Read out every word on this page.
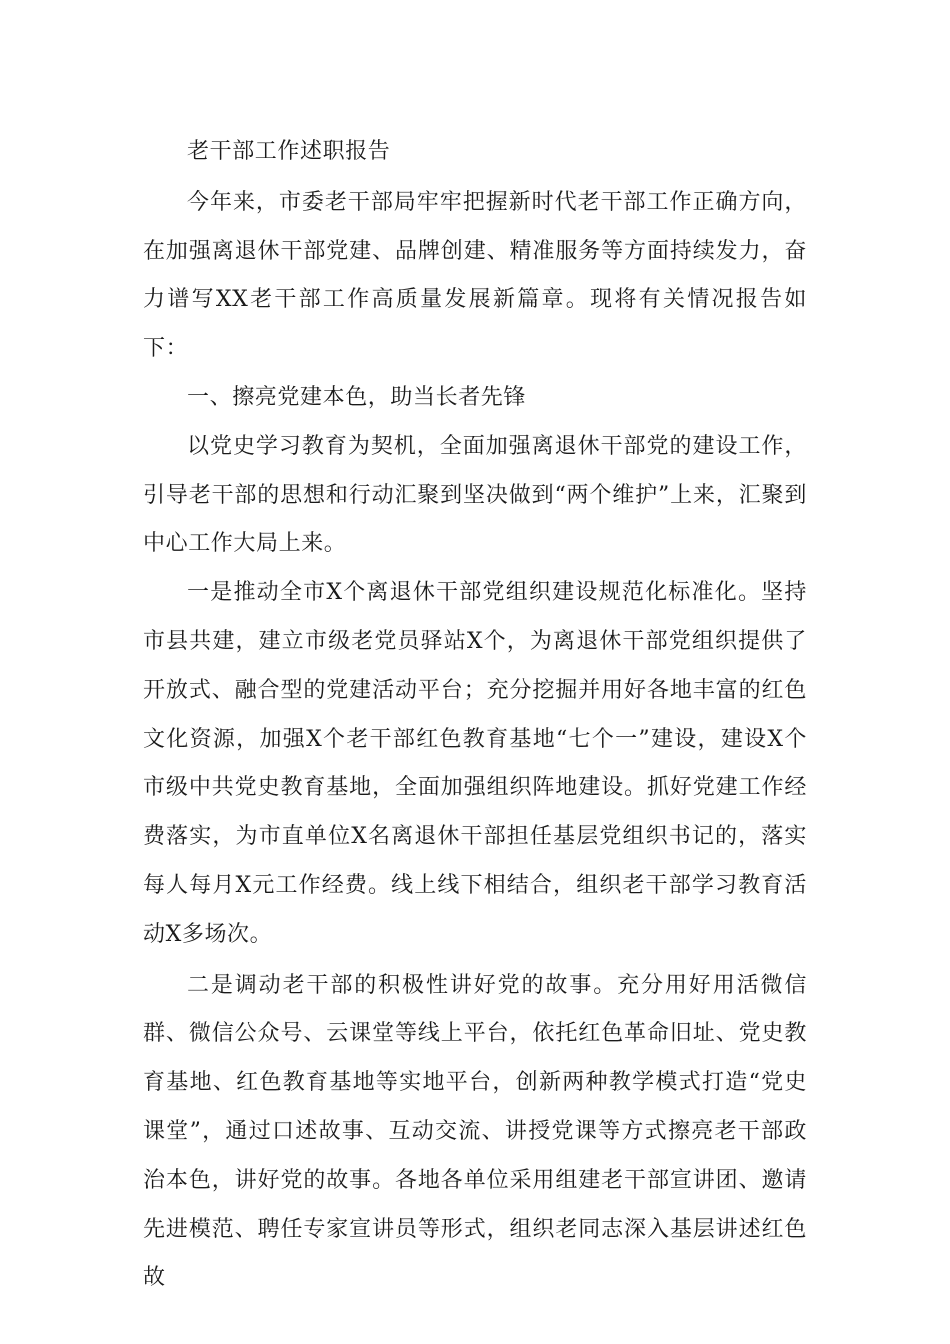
老干部工作述职报告

今年来，市委老干部局牢牢把握新时代老干部工作正确方向，在加强离退休干部党建、品牌创建、精准服务等方面持续发力，奋力谱写XX老干部工作高质量发展新篇章。现将有关情况报告如下：

一、擦亮党建本色，助当长者先锋

以党史学习教育为契机，全面加强离退休干部党的建设工作，引导老干部的思想和行动汇聚到坚决做到“两个维护”上来，汇聚到中心工作大局上来。

一是推动全市X个离退休干部党组织建设规范化标准化。坚持市县共建，建立市级老党员驿站X个，为离退休干部党组织提供了开放式、融合型的党建活动平台；充分挖掘并用好各地丰富的红色文化资源，加强X个老干部红色教育基地“七个一”建设，建设X个市级中共党史教育基地，全面加强组织阵地建设。抓好党建工作经费落实，为市直单位X名离退休干部担任基层党组织书记的，落实每人每月X元工作经费。线上线下相结合，组织老干部学习教育活动X多场次。

二是调动老干部的积极性讲好党的故事。充分用好用活微信群、微信公众号、云课堂等线上平台，依托红色革命旧址、党史教育基地、红色教育基地等实地平台，创新两种教学模式打造“党史课堂”，通过口述故事、互动交流、讲授党课等方式擦亮老干部政治本色，讲好党的故事。各地各单位采用组建老干部宣讲团、邀请先进模范、聘任专家宣讲员等形式，组织老同志深入基层讲述红色故
